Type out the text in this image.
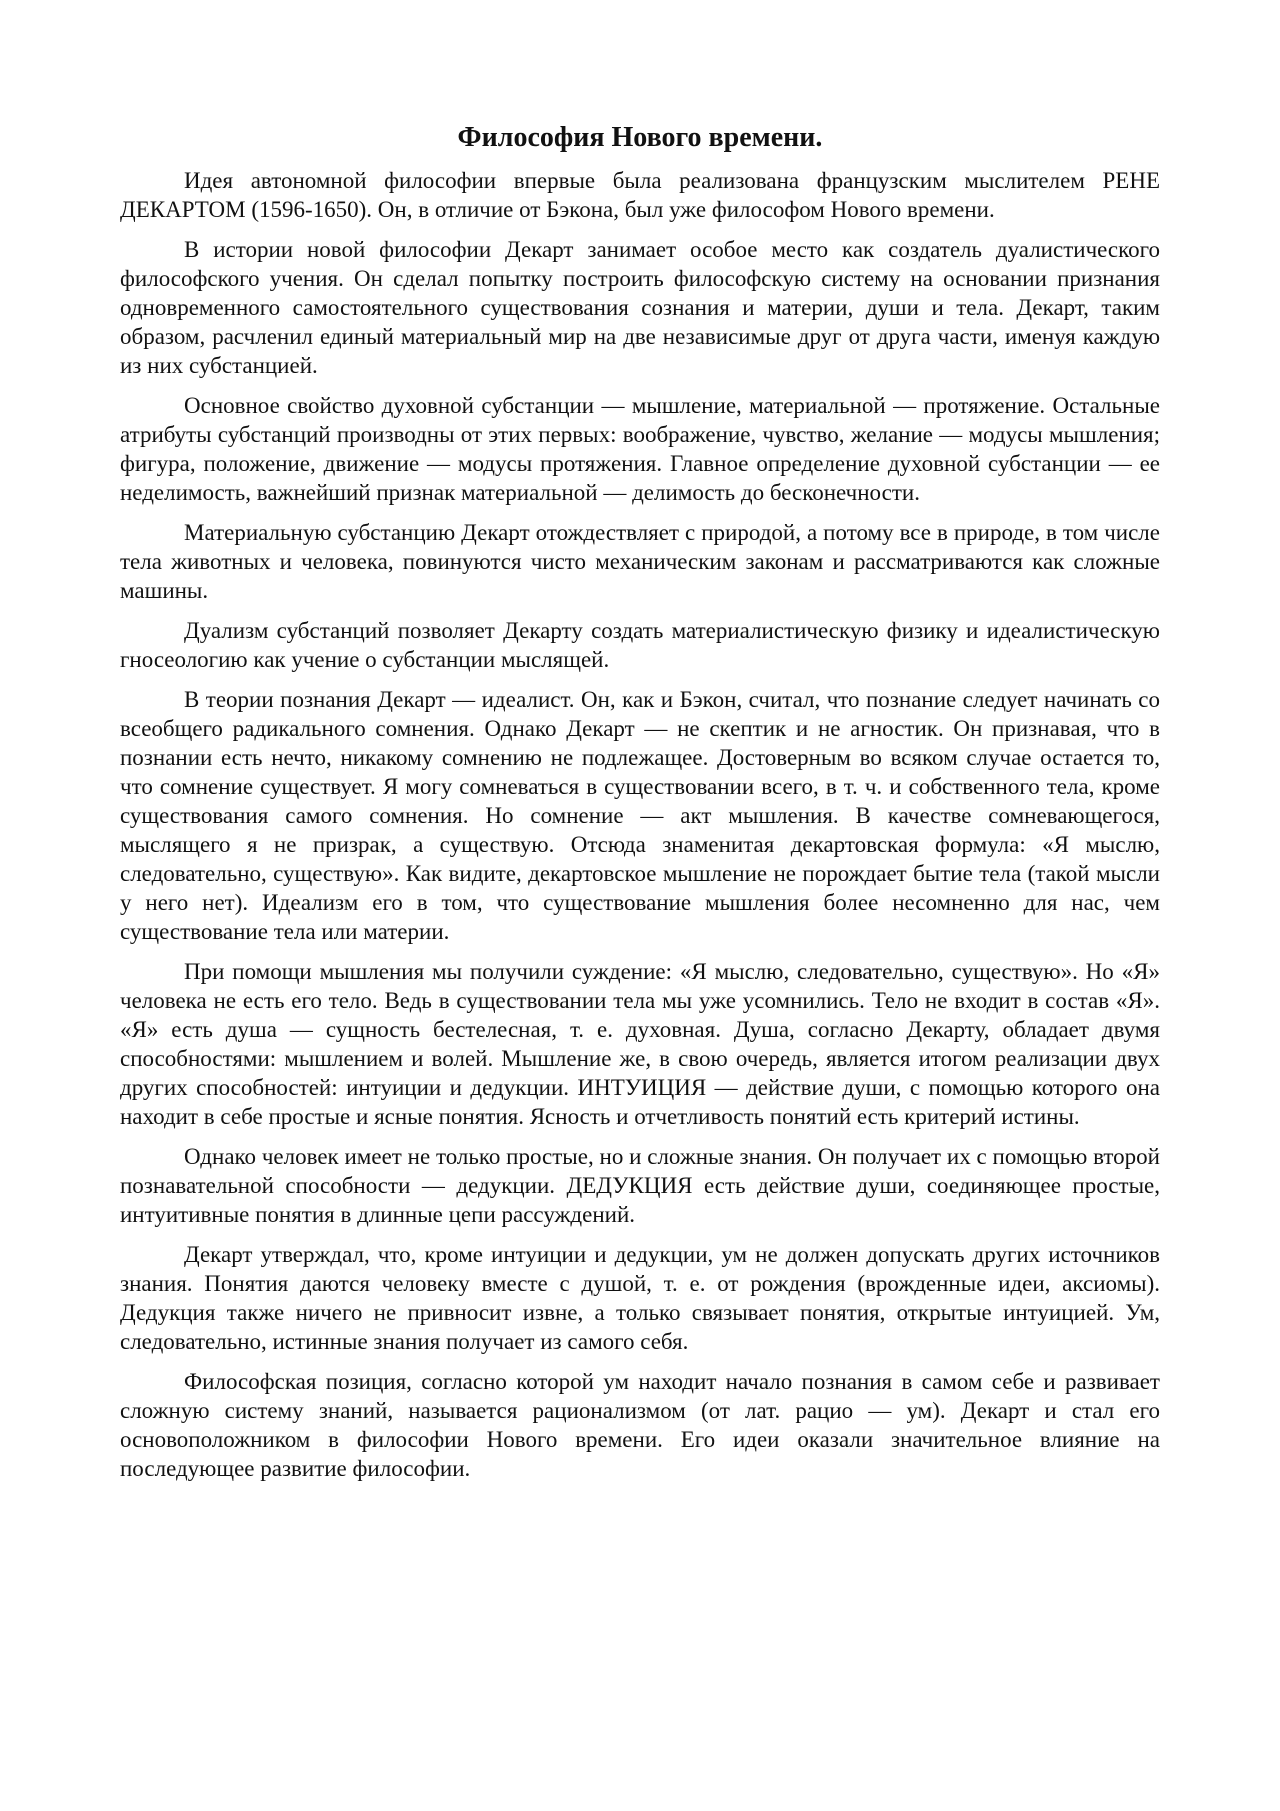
Философия Нового времени.

Идея автономной философии впервые была реализована французским мыслителем РЕНЕ ДЕКАРТОМ (1596-1650). Он, в отличие от Бэкона, был уже философом Нового времени.

В истории новой философии Декарт занимает особое место как создатель дуалистического философского учения. Он сделал попытку построить философскую систему на основании признания одновременного самостоятельного существования сознания и материи, души и тела. Декарт, таким образом, расчленил единый материальный мир на две независимые друг от друга части, именуя каждую из них субстанцией.

Основное свойство духовной субстанции — мышление, материальной — протяжение. Остальные атрибуты субстанций производны от этих первых: воображение, чувство, желание — модусы мышления; фигура, положение, движение — модусы протяжения. Главное определение духовной субстанции — ее неделимость, важнейший признак материальной — делимость до бесконечности.

Материальную субстанцию Декарт отождествляет с природой, а потому все в природе, в том числе тела животных и человека, повинуются чисто механическим законам и рассматриваются как сложные машины.

Дуализм субстанций позволяет Декарту создать материалистическую физику и идеалистическую гносеологию как учение о субстанции мыслящей.

В теории познания Декарт — идеалист. Он, как и Бэкон, считал, что познание следует начинать со всеобщего радикального сомнения. Однако Декарт — не скептик и не агностик. Он признавая, что в познании есть нечто, никакому сомнению не подлежащее. Достоверным во всяком случае остается то, что сомнение существует. Я могу сомневаться в существовании всего, в т. ч. и собственного тела, кроме существования самого сомнения. Но сомнение — акт мышления. В качестве сомневающегося, мыслящего я не призрак, а существую. Отсюда знаменитая декартовская формула: «Я мыслю, следовательно, существую». Как видите, декартовское мышление не порождает бытие тела (такой мысли у него нет). Идеализм его в том, что существование мышления более несомненно для нас, чем существование тела или материи.

При помощи мышления мы получили суждение: «Я мыслю, следовательно, существую». Но «Я» человека не есть его тело. Ведь в существовании тела мы уже усомнились. Тело не входит в состав «Я». «Я» есть душа — сущность бестелесная, т. е. духовная. Душа, согласно Декарту, обладает двумя способностями: мышлением и волей. Мышление же, в свою очередь, является итогом реализации двух других способностей: интуиции и дедукции. ИНТУИЦИЯ — действие души, с помощью которого она находит в себе простые и ясные понятия. Ясность и отчетливость понятий есть критерий истины.

Однако человек имеет не только простые, но и сложные знания. Он получает их с помощью второй познавательной способности — дедукции. ДЕДУКЦИЯ есть действие души, соединяющее простые, интуитивные понятия в длинные цепи рассуждений.

Декарт утверждал, что, кроме интуиции и дедукции, ум не должен допускать других источников знания. Понятия даются человеку вместе с душой, т. е. от рождения (врожденные идеи, аксиомы). Дедукция также ничего не привносит извне, а только связывает понятия, открытые интуицией. Ум, следовательно, истинные знания получает из самого себя.

Философская позиция, согласно которой ум находит начало познания в самом себе и развивает сложную систему знаний, называется рационализмом (от лат. рацио — ум). Декарт и стал его основоположником в философии Нового времени. Его идеи оказали значительное влияние на последующее развитие философии.
